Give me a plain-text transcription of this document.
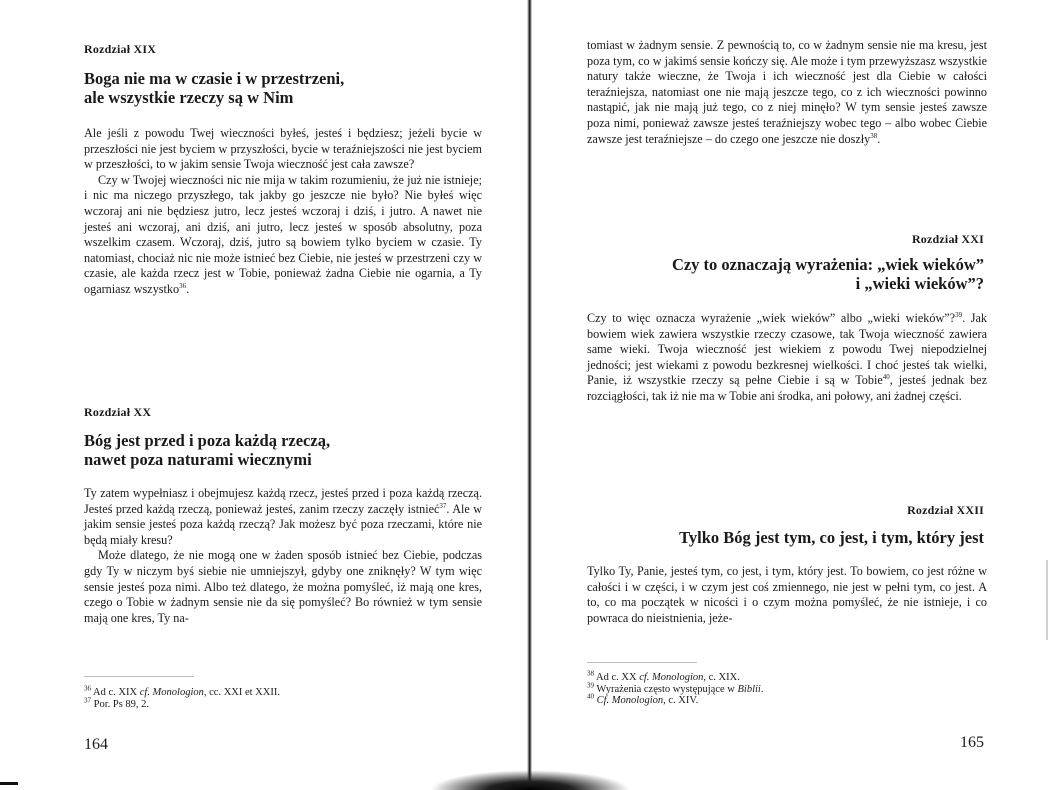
Rozdział XIX
Boga nie ma w czasie i w przestrzeni,
ale wszystkie rzeczy są w Nim

Ale jeśli z powodu Twej wieczności byłeś, jesteś i będziesz; jeżeli bycie w przeszłości nie jest byciem w przyszłości, bycie w teraźniejszości nie jest byciem w przeszłości, to w jakim sensie Twoja wieczność jest cała zawsze?

Czy w Twojej wieczności nic nie mija w takim rozumieniu, że już nie istnieje; i nic ma niczego przyszłego, tak jakby go jeszcze nie było? Nie byłeś więc wczoraj ani nie będziesz jutro, lecz jesteś wczoraj i dziś, i jutro. A nawet nie jesteś ani wczoraj, ani dziś, ani jutro, lecz jesteś w sposób absolutny, poza wszelkim czasem. Wczoraj, dziś, jutro są bowiem tylko byciem w czasie. Ty natomiast, chociaż nic nie może istnieć bez Ciebie, nie jesteś w przestrzeni czy w czasie, ale każda rzecz jest w Tobie, ponieważ żadna Ciebie nie ogarnia, a Ty ogarniasz wszystko$^{36}$.

Rozdział XX
Bóg jest przed i poza każdą rzeczą,
nawet poza naturami wiecznymi

Ty zatem wypełniasz i obejmujesz każdą rzecz, jesteś przed i poza każdą rzeczą. Jesteś przed każdą rzeczą, ponieważ jesteś, zanim rzeczy zaczęły istnieć$^{37}$. Ale w jakim sensie jesteś poza każdą rzeczą? Jak możesz być poza rzeczami, które nie będą miały kresu?

Może dlatego, że nie mogą one w żaden sposób istnieć bez Ciebie, podczas gdy Ty w niczym byś siebie nie umniejszył, gdyby one zniknęły? W tym więc sensie jesteś poza nimi. Albo też dlatego, że można pomyśleć, iż mają one kres, czego o Tobie w żadnym sensie nie da się pomyśleć? Bo również w tym sensie mają one kres, Ty na-

$^{36}$ Ad c. XIX cf. Monologion, cc. XXI et XXII.
$^{37}$ Por. Ps 89, 2.
164

tomiast w żadnym sensie. Z pewnością to, co w żadnym sensie nie ma kresu, jest poza tym, co w jakimś sensie kończy się. Ale może i tym przewyższasz wszystkie natury także wieczne, że Twoja i ich wieczność jest dla Ciebie w całości teraźniejsza, natomiast one nie mają jeszcze tego, co z ich wieczności powinno nastąpić, jak nie mają już tego, co z niej minęło? W tym sensie jesteś zawsze poza nimi, ponieważ zawsze jesteś teraźniejszy wobec tego – albo wobec Ciebie zawsze jest teraźniejsze – do czego one jeszcze nie doszły$^{38}$.

Rozdział XXI
Czy to oznaczają wyrażenia: „wiek wieków”
i „wieki wieków”?

Czy to więc oznacza wyrażenie „wiek wieków” albo „wieki wieków”?$^{39}$. Jak bowiem wiek zawiera wszystkie rzeczy czasowe, tak Twoja wieczność zawiera same wieki. Twoja wieczność jest wiekiem z powodu Twej niepodzielnej jedności; jest wiekami z powodu bezkresnej wielkości. I choć jesteś tak wielki, Panie, iż wszystkie rzeczy są pełne Ciebie i są w Tobie$^{40}$, jesteś jednak bez rozciągłości, tak iż nie ma w Tobie ani środka, ani połowy, ani żadnej części.

Rozdział XXII
Tylko Bóg jest tym, co jest, i tym, który jest

Tylko Ty, Panie, jesteś tym, co jest, i tym, który jest. To bowiem, co jest różne w całości i w części, i w czym jest coś zmiennego, nie jest w pełni tym, co jest. A to, co ma początek w nicości i o czym można pomyśleć, że nie istnieje, i co powraca do nieistnienia, jeże-

$^{38}$ Ad c. XX cf. Monologion, c. XIX.
$^{39}$ Wyrażenia często występujące w Biblii.
$^{40}$ Cf. Monologion, c. XIV.
165
